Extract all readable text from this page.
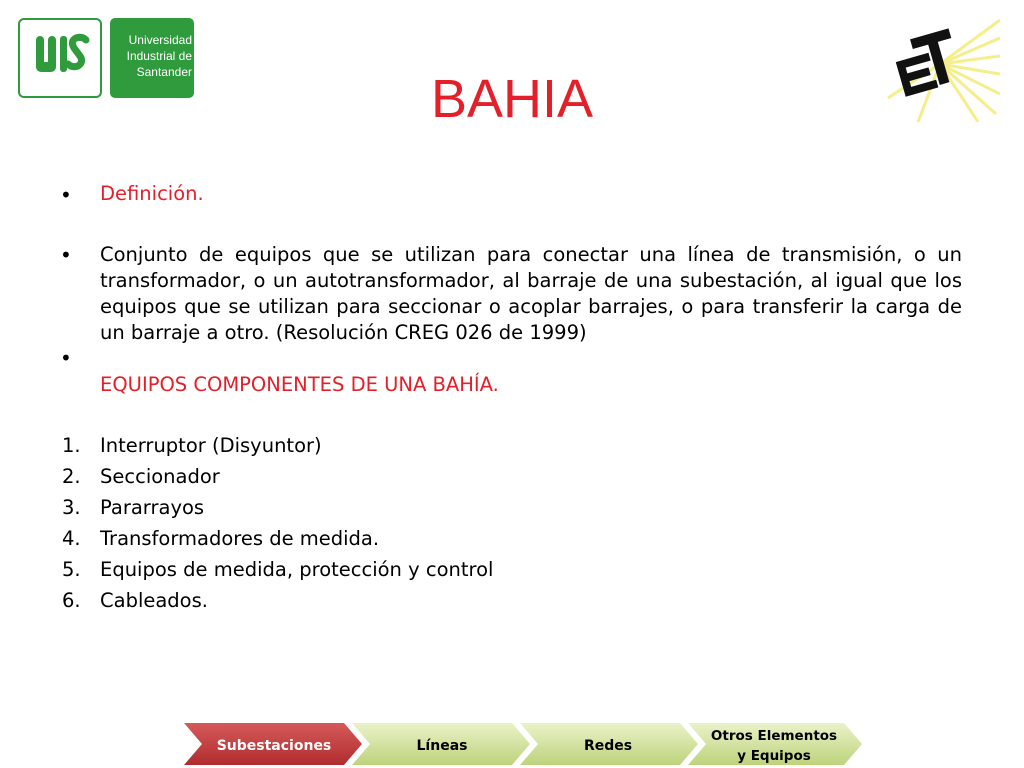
Universidad
Industrial de
Santander	BAHIA
• Definición.
• Conjunto de equipos que se utilizan para conectar una línea de transmisión, o un transformador, o un autotransformador, al barraje de una subestación, al igual que los equipos que se utilizan para seccionar o acoplar barrajes, o para transferir la carga de un barraje a otro. (Resolución CREG 026 de 1999)
•
EQUIPOS COMPONENTES DE UNA BAHÍA.
1. Interruptor (Disyuntor)
2. Seccionador
3. Pararrayos
4. Transformadores de medida.
5. Equipos de medida, protección y control
6. Cableados.
Subestaciones	Líneas	Redes
Otros Elementos
y Equipos
